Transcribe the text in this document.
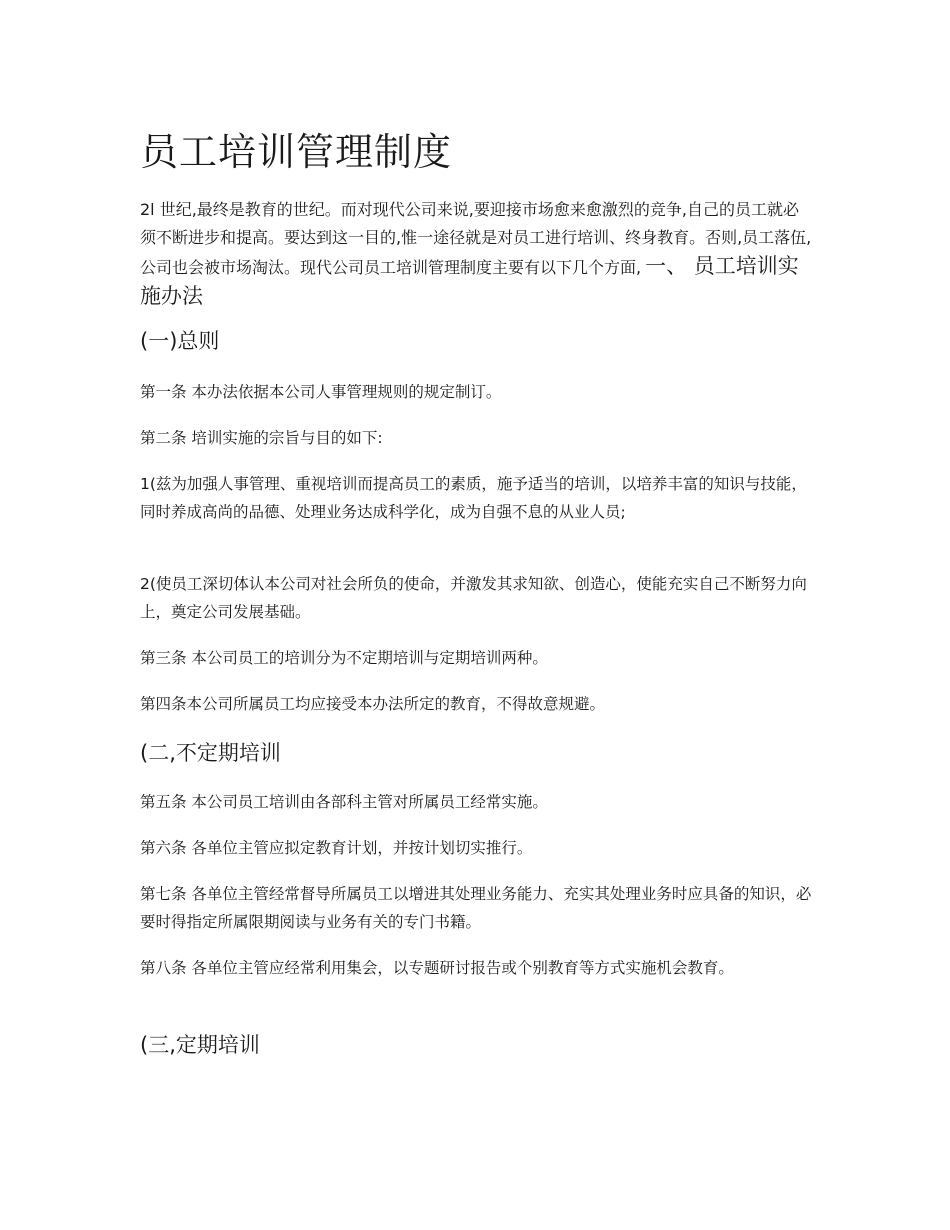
员工培训管理制度

2l 世纪,最终是教育的世纪。而对现代公司来说,要迎接市场愈来愈激烈的竞争,自己的员工就必须不断进步和提高。要达到这一目的,惟一途径就是对员工进行培训、终身教育。否则,员工落伍,公司也会被市场淘汰。现代公司员工培训管理制度主要有以下几个方面, 一、 员工培训实施办法

(一)总则

第一条 本办法依据本公司人事管理规则的规定制订。

第二条 培训实施的宗旨与目的如下:

1(兹为加强人事管理、重视培训而提高员工的素质，施予适当的培训，以培养丰富的知识与技能，同时养成高尚的品德、处理业务达成科学化，成为自强不息的从业人员;

2(使员工深切体认本公司对社会所负的使命，并激发其求知欲、创造心，使能充实自己不断努力向上，奠定公司发展基础。

第三条 本公司员工的培训分为不定期培训与定期培训两种。

第四条本公司所属员工均应接受本办法所定的教育，不得故意规避。

(二,不定期培训

第五条 本公司员工培训由各部科主管对所属员工经常实施。

第六条 各单位主管应拟定教育计划，并按计划切实推行。

第七条 各单位主管经常督导所属员工以增进其处理业务能力、充实其处理业务时应具备的知识，必要时得指定所属限期阅读与业务有关的专门书籍。

第八条 各单位主管应经常利用集会，以专题研讨报告或个别教育等方式实施机会教育。

(三,定期培训
